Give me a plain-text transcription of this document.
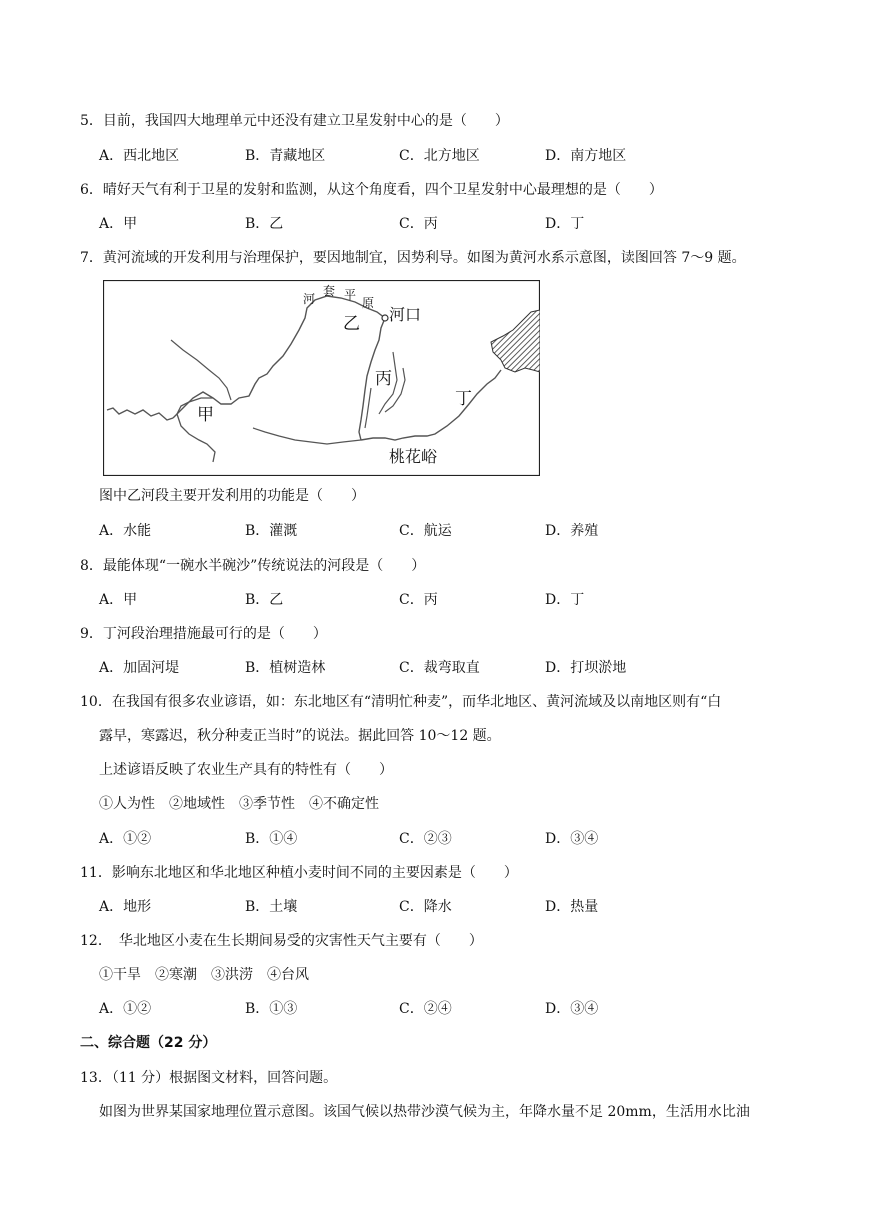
5．目前，我国四大地理单元中还没有建立卫星发射中心的是（　　）
A．西北地区	B．青藏地区	C．北方地区	D．南方地区
6．晴好天气有利于卫星的发射和监测，从这个角度看，四个卫星发射中心最理想的是（　　）
A．甲	B．乙	C．丙	D．丁
7．黄河流域的开发利用与治理保护，要因地制宜，因势利导。如图为黄河水系示意图，读图回答 7～9 题。
河
套 平
原
河口
乙
丙
丁
甲
桃花峪
图中乙河段主要开发利用的功能是（　　）
A．水能	B．灌溉	C．航运	D．养殖
8．最能体现“一碗水半碗沙”传统说法的河段是（　　）
A．甲	B．乙	C．丙	D．丁
9．丁河段治理措施最可行的是（　　）
A．加固河堤	B．植树造林	C．裁弯取直	D．打坝淤地
10．在我国有很多农业谚语，如：东北地区有“清明忙种麦”，而华北地区、黄河流域及以南地区则有“白
露早，寒露迟，秋分种麦正当时”的说法。据此回答 10～12 题。
上述谚语反映了农业生产具有的特性有（　　）
①人为性　②地域性　③季节性　④不确定性
A．①②	B．①④	C．②③	D．③④
11．影响东北地区和华北地区种植小麦时间不同的主要因素是（　　）
A．地形	B．土壤	C．降水	D．热量
12．　华北地区小麦在生长期间易受的灾害性天气主要有（　　）
①干旱　②寒潮　③洪涝　④台风
A．①②	B．①③	C．②④	D．③④
二、综合题（22 分）
13．（11 分）根据图文材料，回答问题。
如图为世界某国家地理位置示意图。该国气候以热带沙漠气候为主，年降水量不足 20mm，生活用水比油
